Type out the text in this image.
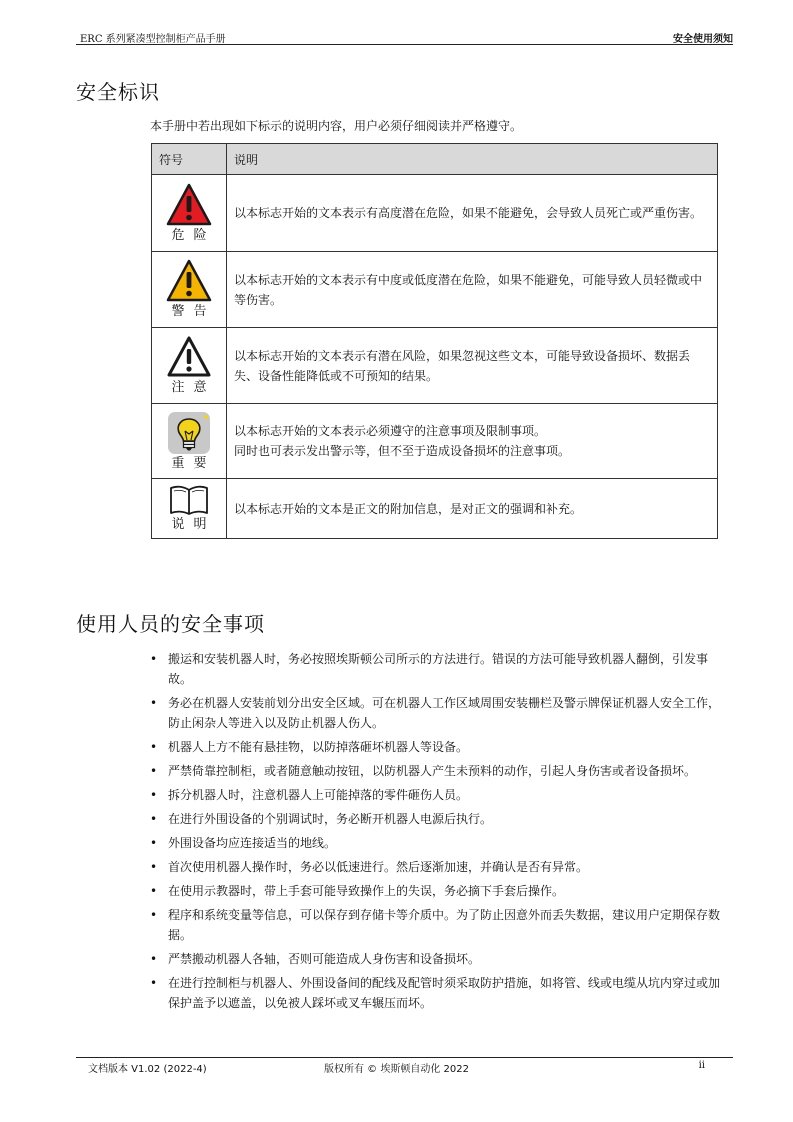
ERC 系列紧凑型控制柜产品手册	安全使用须知
安全标识
本手册中若出现如下标示的说明内容，用户必须仔细阅读并严格遵守。
符号	说明

危险	以本标志开始的文本表示有高度潜在危险，如果不能避免，会导致人员死亡或严重伤害。

警告	以本标志开始的文本表示有中度或低度潜在危险，如果不能避免，可能导致人员轻微或中等伤害。

注意	以本标志开始的文本表示有潜在风险，如果忽视这些文本，可能导致设备损坏、数据丢失、设备性能降低或不可预知的结果。

重要	以本标志开始的文本表示必须遵守的注意事项及限制事项。
同时也可表示发出警示等，但不至于造成设备损坏的注意事项。

说明	以本标志开始的文本是正文的附加信息，是对正文的强调和补充。
使用人员的安全事项
• 搬运和安装机器人时，务必按照埃斯顿公司所示的方法进行。错误的方法可能导致机器人翻倒，引发事故。
• 务必在机器人安装前划分出安全区域。可在机器人工作区域周围安装栅栏及警示牌保证机器人安全工作，防止闲杂人等进入以及防止机器人伤人。
• 机器人上方不能有悬挂物，以防掉落砸坏机器人等设备。
• 严禁倚靠控制柜，或者随意触动按钮，以防机器人产生未预料的动作，引起人身伤害或者设备损坏。
• 拆分机器人时，注意机器人上可能掉落的零件砸伤人员。
• 在进行外围设备的个别调试时，务必断开机器人电源后执行。
• 外围设备均应连接适当的地线。
• 首次使用机器人操作时，务必以低速进行。然后逐渐加速，并确认是否有异常。
• 在使用示教器时，带上手套可能导致操作上的失误，务必摘下手套后操作。
• 程序和系统变量等信息，可以保存到存储卡等介质中。为了防止因意外而丢失数据，建议用户定期保存数据。
• 严禁搬动机器人各轴，否则可能造成人身伤害和设备损坏。
• 在进行控制柜与机器人、外围设备间的配线及配管时须采取防护措施，如将管、线或电缆从坑内穿过或加保护盖予以遮盖，以免被人踩坏或叉车辗压而坏。
文档版本 V1.02 (2022-4)	版权所有 © 埃斯顿自动化 2022	ii
